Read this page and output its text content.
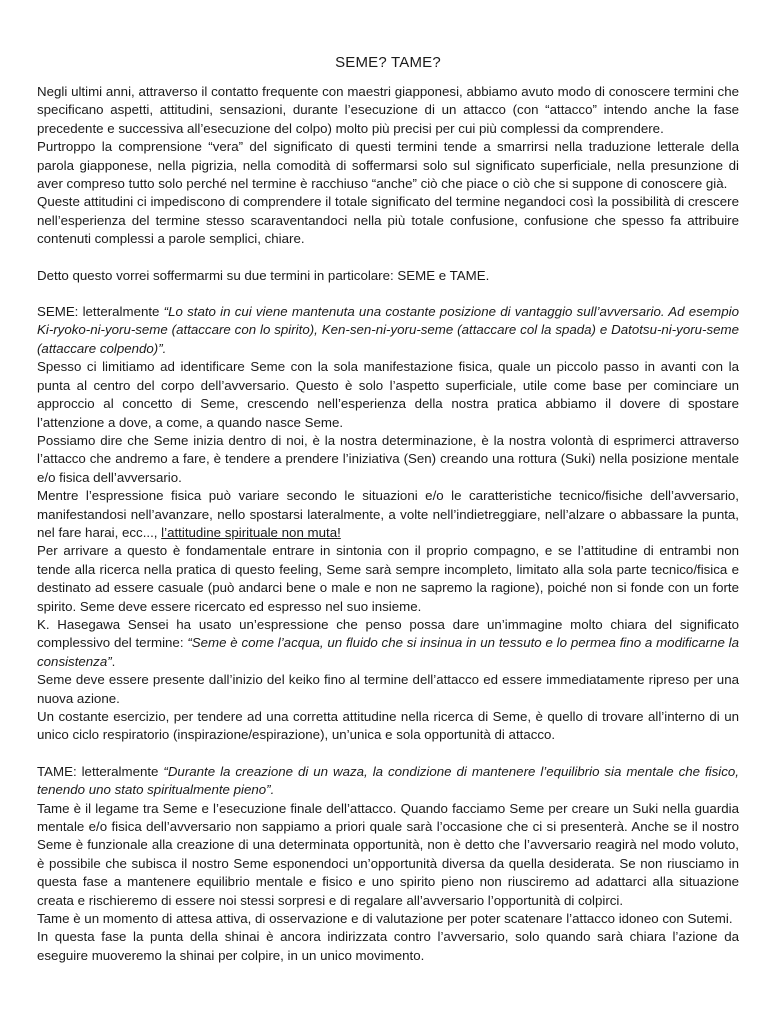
SEME? TAME?

Negli ultimi anni, attraverso il contatto frequente con maestri giapponesi, abbiamo avuto modo di conoscere termini che specificano aspetti, attitudini, sensazioni, durante l’esecuzione di un attacco (con “attacco” intendo anche la fase precedente e successiva all’esecuzione del colpo) molto più precisi per cui più complessi da comprendere.

Purtroppo la comprensione “vera” del significato di questi termini tende a smarrirsi nella traduzione letterale della parola giapponese, nella pigrizia, nella comodità di soffermarsi solo sul significato superficiale, nella presunzione di aver compreso tutto solo perché nel termine è racchiuso “anche” ciò che piace o ciò che si suppone di conoscere già.

Queste attitudini ci impediscono di comprendere il totale significato del termine negandoci così la possibilità di crescere nell’esperienza del termine stesso scaraventandoci nella più totale confusione, confusione che spesso fa attribuire contenuti complessi a parole semplici, chiare.

Detto questo vorrei soffermarmi su due termini in particolare: SEME e TAME.

SEME: letteralmente “Lo stato in cui viene mantenuta una costante posizione di vantaggio sull’avversario. Ad esempio Ki-ryoko-ni-yoru-seme (attaccare con lo spirito), Ken-sen-ni-yoru-seme (attaccare col la spada) e Datotsu-ni-yoru-seme (attaccare colpendo)”.

Spesso ci limitiamo ad identificare Seme con la sola manifestazione fisica, quale un piccolo passo in avanti con la punta al centro del corpo dell’avversario. Questo è solo l’aspetto superficiale, utile come base per cominciare un approccio al concetto di Seme, crescendo nell’esperienza della nostra pratica abbiamo il dovere di spostare l’attenzione a dove, a come, a quando nasce Seme.

Possiamo dire che Seme inizia dentro di noi, è la nostra determinazione, è la nostra volontà di esprimerci attraverso l’attacco che andremo a fare, è tendere a prendere l’iniziativa (Sen) creando una rottura (Suki) nella posizione mentale e/o fisica dell’avversario.

Mentre l’espressione fisica può variare secondo le situazioni e/o le caratteristiche tecnico/fisiche dell’avversario, manifestandosi nell’avanzare, nello spostarsi lateralmente, a volte nell’indietreggiare, nell’alzare o abbassare la punta, nel fare harai, ecc..., l’attitudine spirituale non muta!

Per arrivare a questo è fondamentale entrare in sintonia con il proprio compagno, e se l’attitudine di entrambi non tende alla ricerca nella pratica di questo feeling, Seme sarà sempre incompleto, limitato alla sola parte tecnico/fisica e destinato ad essere casuale (può andarci bene o male e non ne sapremo la ragione), poiché non si fonde con un forte spirito. Seme deve essere ricercato ed espresso nel suo insieme.

K. Hasegawa Sensei ha usato un’espressione che penso possa dare un’immagine molto chiara del significato complessivo del termine: “Seme è come l’acqua, un fluido che si insinua in un tessuto e lo permea fino a modificarne la consistenza”.

Seme deve essere presente dall’inizio del keiko fino al termine dell’attacco ed essere immediatamente ripreso per una nuova azione.

Un costante esercizio, per tendere ad una corretta attitudine nella ricerca di Seme, è quello di trovare all’interno di un unico ciclo respiratorio (inspirazione/espirazione), un’unica e sola opportunità di attacco.

TAME: letteralmente “Durante la creazione di un waza, la condizione di mantenere l’equilibrio sia mentale che fisico, tenendo uno stato spiritualmente pieno”.

Tame è il legame tra Seme e l’esecuzione finale dell’attacco. Quando facciamo Seme per creare un Suki nella guardia mentale e/o fisica dell’avversario non sappiamo a priori quale sarà l’occasione che ci si presenterà. Anche se il nostro Seme è funzionale alla creazione di una determinata opportunità, non è detto che l’avversario reagirà nel modo voluto, è possibile che subisca il nostro Seme esponendoci un’opportunità diversa da quella desiderata. Se non riusciamo in questa fase a mantenere equilibrio mentale e fisico e uno spirito pieno non riusciremo ad adattarci alla situazione creata e rischieremo di essere noi stessi sorpresi e di regalare all’avversario l’opportunità di colpirci.

Tame è un momento di attesa attiva, di osservazione e di valutazione per poter scatenare l’attacco idoneo con Sutemi.

In questa fase la punta della shinai è ancora indirizzata contro l’avversario, solo quando sarà chiara l’azione da eseguire muoveremo la shinai per colpire, in un unico movimento.
